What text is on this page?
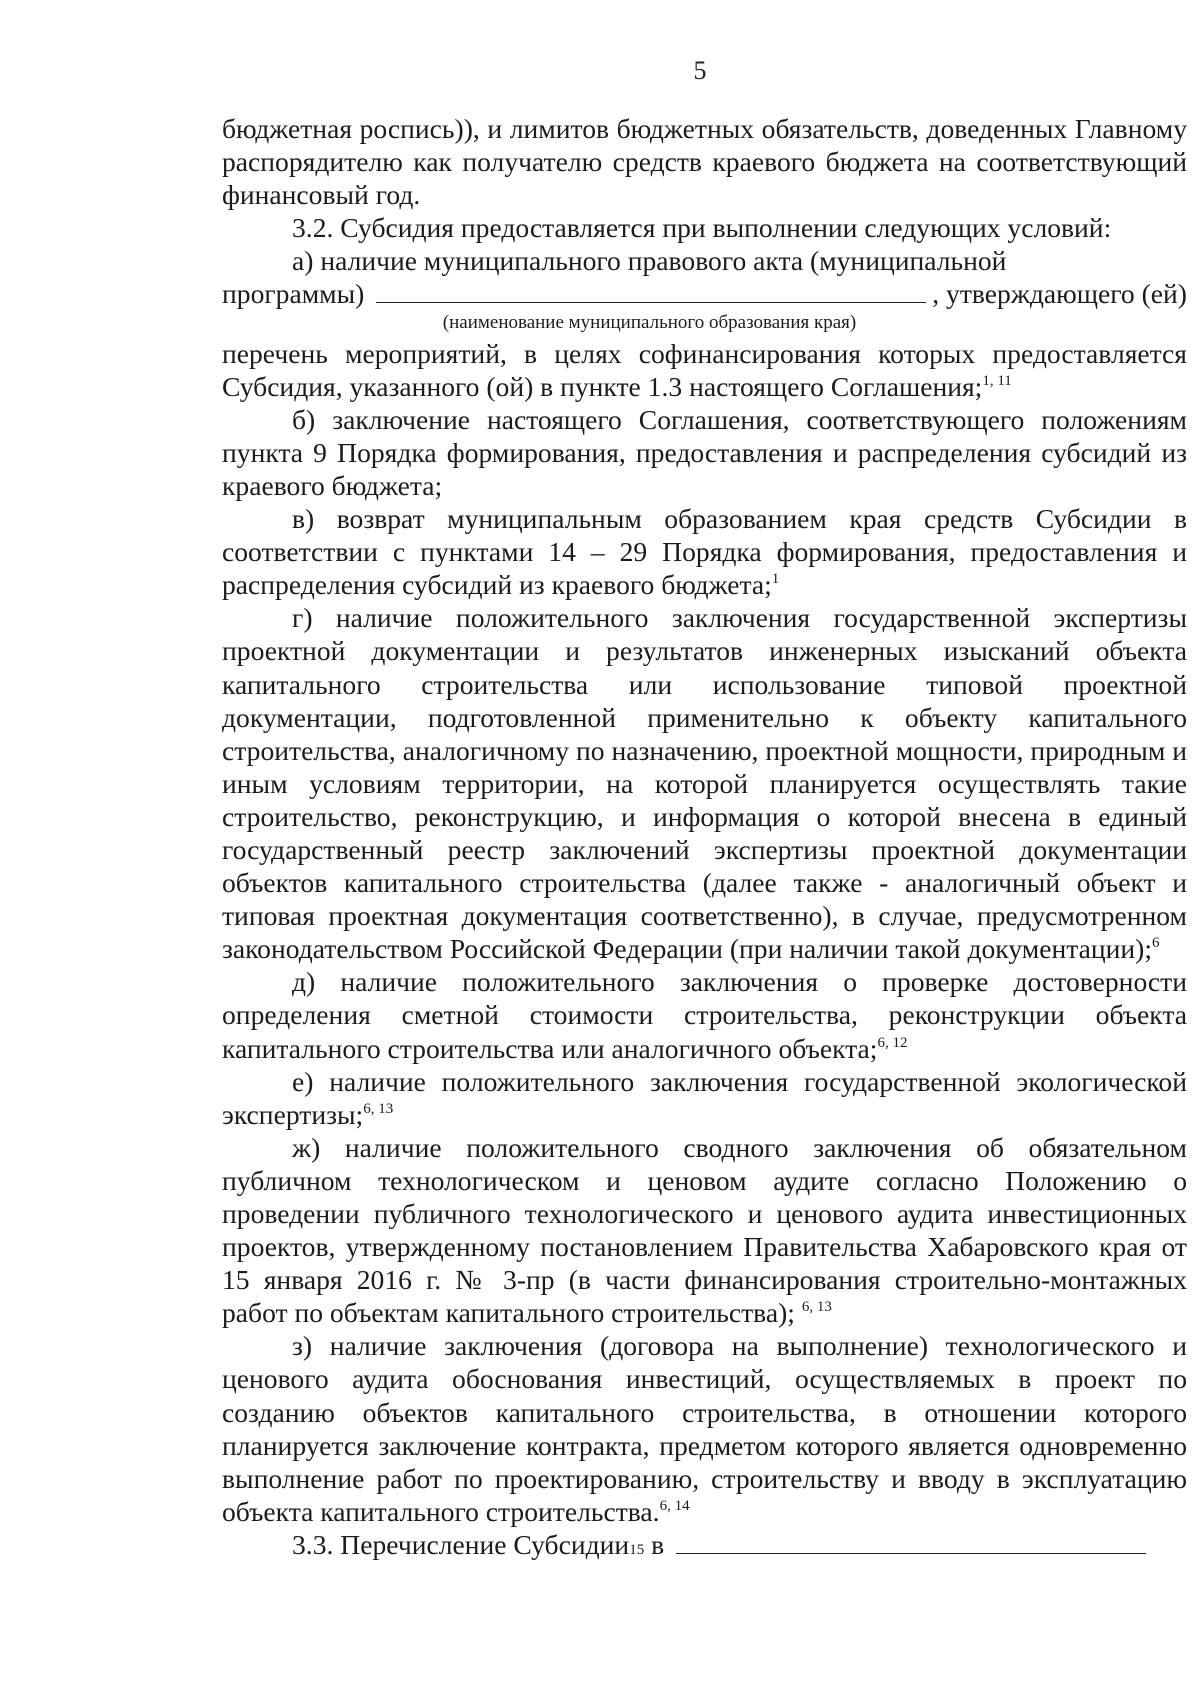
5

бюджетная роспись)), и лимитов бюджетных обязательств, доведенных Главному распорядителю как получателю средств краевого бюджета на соответствующий финансовый год.

3.2. Субсидия предоставляется при выполнении следующих условий:

а) наличие муниципального правового акта (муниципальной

программы)	, утверждающего (ей)
(наименование муниципального образования края)

перечень мероприятий, в целях софинансирования которых предоставляется Субсидия, указанного (ой) в пункте 1.3 настоящего Соглашения;$^{1, 11}$

б) заключение настоящего Соглашения, соответствующего положениям пункта 9 Порядка формирования, предоставления и распределения субсидий из краевого бюджета;

в) возврат муниципальным образованием края средств Субсидии в соответствии с пунктами 14 – 29 Порядка формирования, предоставления и распределения субсидий из краевого бюджета;$^1$

г) наличие положительного заключения государственной экспертизы проектной документации и результатов инженерных изысканий объекта капитального строительства или использование типовой проектной документации, подготовленной применительно к объекту капитального строительства, аналогичному по назначению, проектной мощности, природным и иным условиям территории, на которой планируется осуществлять такие строительство, реконструкцию, и информация о которой внесена в единый государственный реестр заключений экспертизы проектной документации объектов капитального строительства (далее также - аналогичный объект и типовая проектная документация соответственно), в случае, предусмотренном законодательством Российской Федерации (при наличии такой документации);$^6$

д) наличие положительного заключения о проверке достоверности определения сметной стоимости строительства, реконструкции объекта капитального строительства или аналогичного объекта;$^{6, 12}$

е) наличие положительного заключения государственной экологической экспертизы;$^{6, 13}$

ж) наличие положительного сводного заключения об обязательном публичном технологическом и ценовом аудите согласно Положению о проведении публичного технологического и ценового аудита инвестиционных проектов, утвержденному постановлением Правительства Хабаровского края от 15 января 2016 г. № 3-пр (в части финансирования строительно-монтажных работ по объектам капитального строительства); $^{6, 13}$

з) наличие заключения (договора на выполнение) технологического и ценового аудита обоснования инвестиций, осуществляемых в проект по созданию объектов капитального строительства, в отношении которого планируется заключение контракта, предметом которого является одновременно выполнение работ по проектированию, строительству и вводу в эксплуатацию объекта капитального строительства.$^{6, 14}$

3.3. Перечисление Субсидии 15
в
